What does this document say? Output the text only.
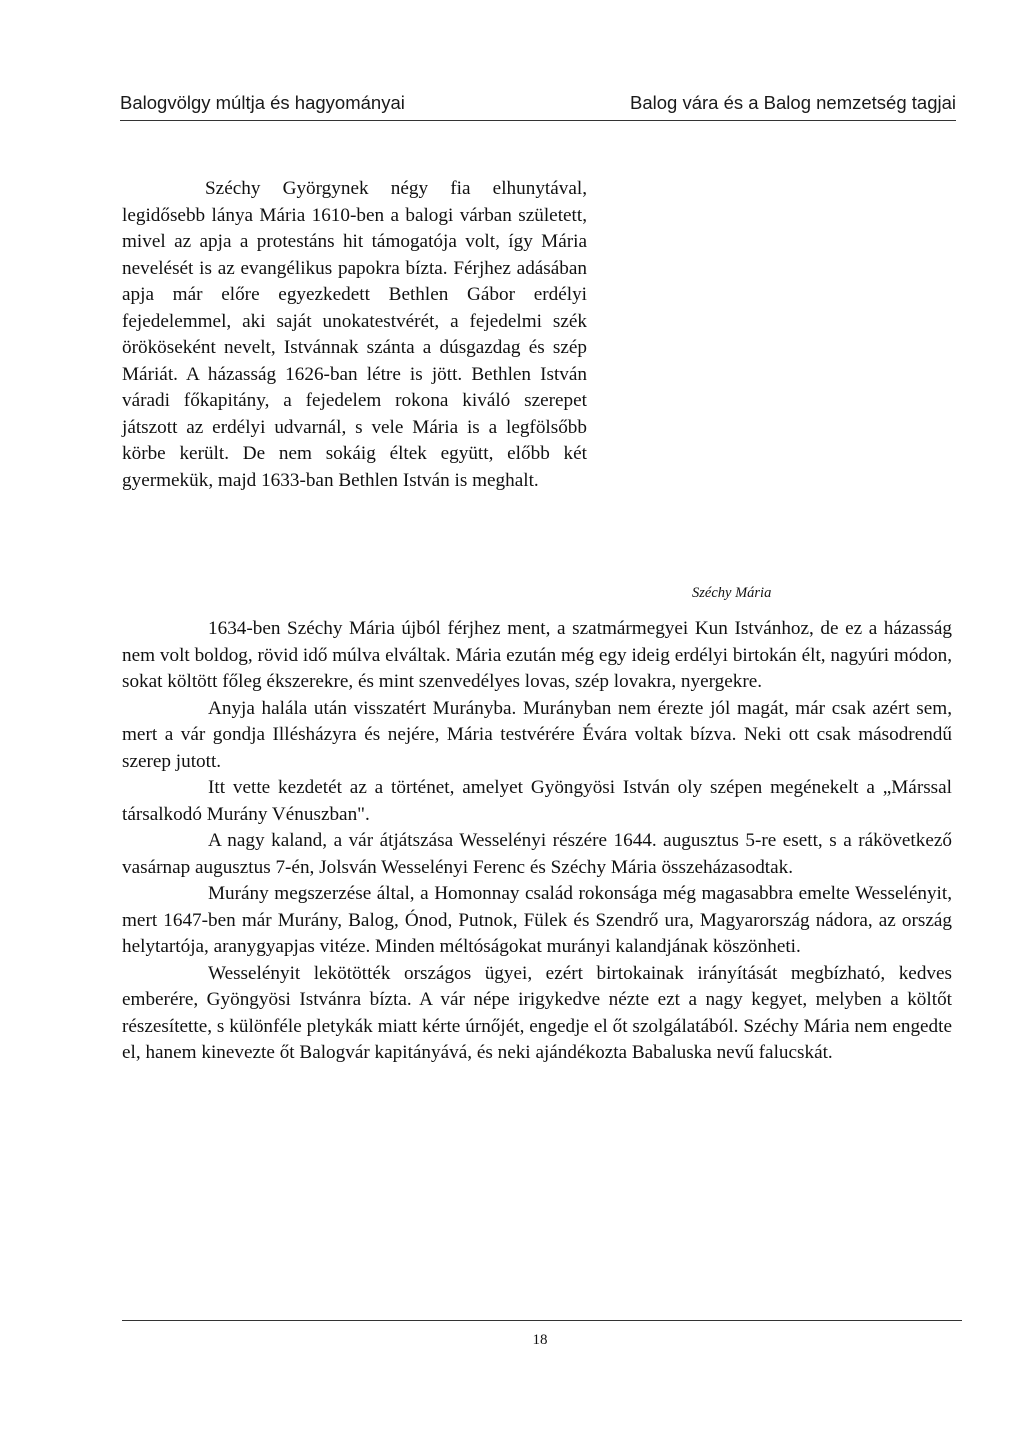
Balogvölgy múltja és hagyományai	Balog vára és a Balog nemzetség tagjai

Széchy Györgynek négy fia elhunytával, legidősebb lánya Mária 1610-ben a balogi várban született, mivel az apja a protestáns hit támogatója volt, így Mária nevelését is az evangélikus papokra bízta. Férjhez adásában apja már előre egyezkedett Bethlen Gábor erdélyi fejedelemmel, aki saját unokatestvérét, a fejedelmi szék örököseként nevelt, Istvánnak szánta a dúsgazdag és szép Máriát. A házasság 1626-ban létre is jött. Bethlen István váradi főkapitány, a fejedelem rokona kiváló szerepet játszott az erdélyi udvarnál, s vele Mária is a legfölsőbb körbe került. De nem sokáig éltek együtt, előbb két gyermekük, majd 1633-ban Bethlen István is meghalt.

Széchy Mária

1634-ben Széchy Mária újból férjhez ment, a szatmármegyei Kun Istvánhoz, de ez a házasság nem volt boldog, rövid idő múlva elváltak. Mária ezután még egy ideig erdélyi birtokán élt, nagyúri módon, sokat költött főleg ékszerekre, és mint szenvedélyes lovas, szép lovakra, nyergekre.

Anyja halála után visszatért Murányba. Murányban nem érezte jól magát, már csak azért sem, mert a vár gondja Illésházyra és nejére, Mária testvérére Évára voltak bízva. Neki ott csak másodrendű szerep jutott.

Itt vette kezdetét az a történet, amelyet Gyöngyösi István oly szépen megénekelt a „Márssal társalkodó Murány Vénuszban".

A nagy kaland, a vár átjátszása Wesselényi részére 1644. augusztus 5-re esett, s a rákövetkező vasárnap augusztus 7-én, Jolsván Wesselényi Ferenc és Széchy Mária összeházasodtak.

Murány megszerzése által, a Homonnay család rokonsága még magasabbra emelte Wesselényit, mert 1647-ben már Murány, Balog, Ónod, Putnok, Fülek és Szendrő ura, Magyarország nádora, az ország helytartója, aranygyapjas vitéze. Minden méltóságokat murányi kalandjának köszönheti.

Wesselényit lekötötték országos ügyei, ezért birtokainak irányítását megbízható, kedves emberére, Gyöngyösi Istvánra bízta. A vár népe irigykedve nézte ezt a nagy kegyet, melyben a költőt részesítette, s különféle pletykák miatt kérte úrnőjét, engedje el őt szolgálatából. Széchy Mária nem engedte el, hanem kinevezte őt Balogvár kapitányává, és neki ajándékozta Babaluska nevű falucskát.

18
